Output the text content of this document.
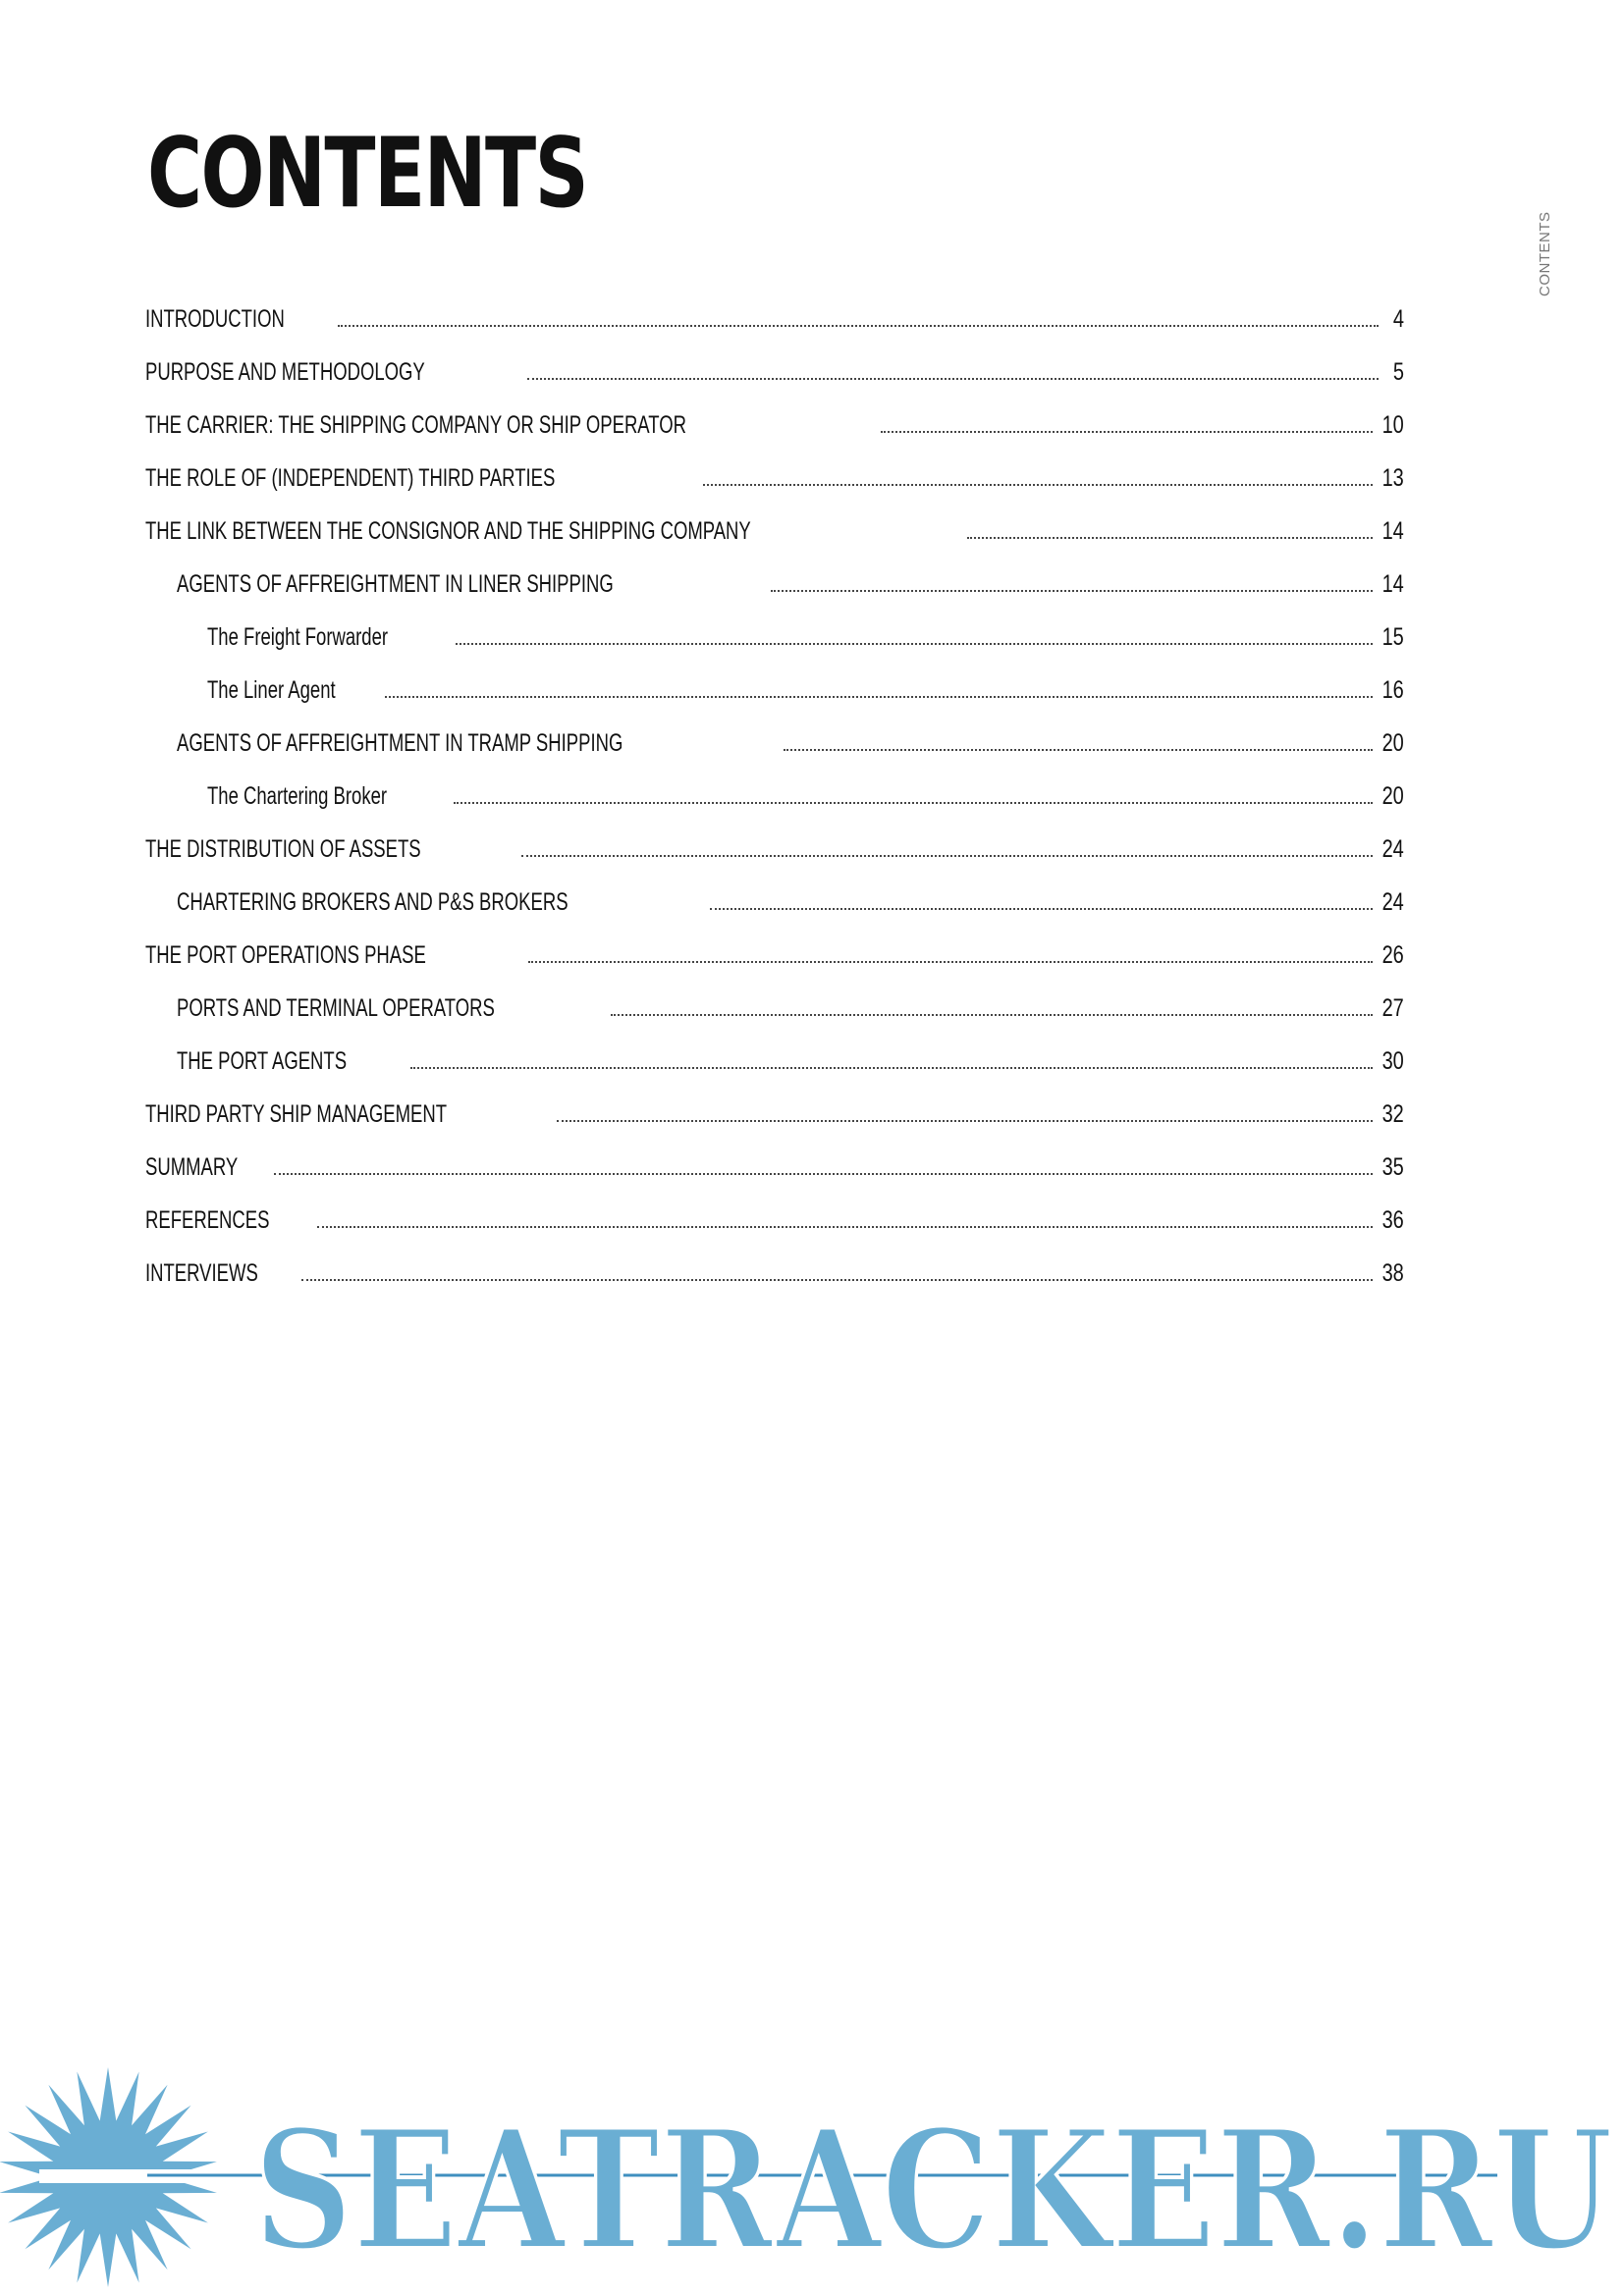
CONTENTS
CONTENTS
INTRODUCTION	4
PURPOSE AND METHODOLOGY	5
THE CARRIER: THE SHIPPING COMPANY OR SHIP OPERATOR	10
THE ROLE OF (INDEPENDENT) THIRD PARTIES	13
THE LINK BETWEEN THE CONSIGNOR AND THE SHIPPING COMPANY	14
AGENTS OF AFFREIGHTMENT IN LINER SHIPPING	14
The Freight Forwarder	15
The Liner Agent	16
AGENTS OF AFFREIGHTMENT IN TRAMP SHIPPING	20
The Chartering Broker	20
THE DISTRIBUTION OF ASSETS	24
CHARTERING BROKERS AND P&S BROKERS	24
THE PORT OPERATIONS PHASE	26
PORTS AND TERMINAL OPERATORS	27
THE PORT AGENTS	30
THIRD PARTY SHIP MANAGEMENT	32
SUMMARY	35
REFERENCES	36
INTERVIEWS	38
SEATRACKER.RU
